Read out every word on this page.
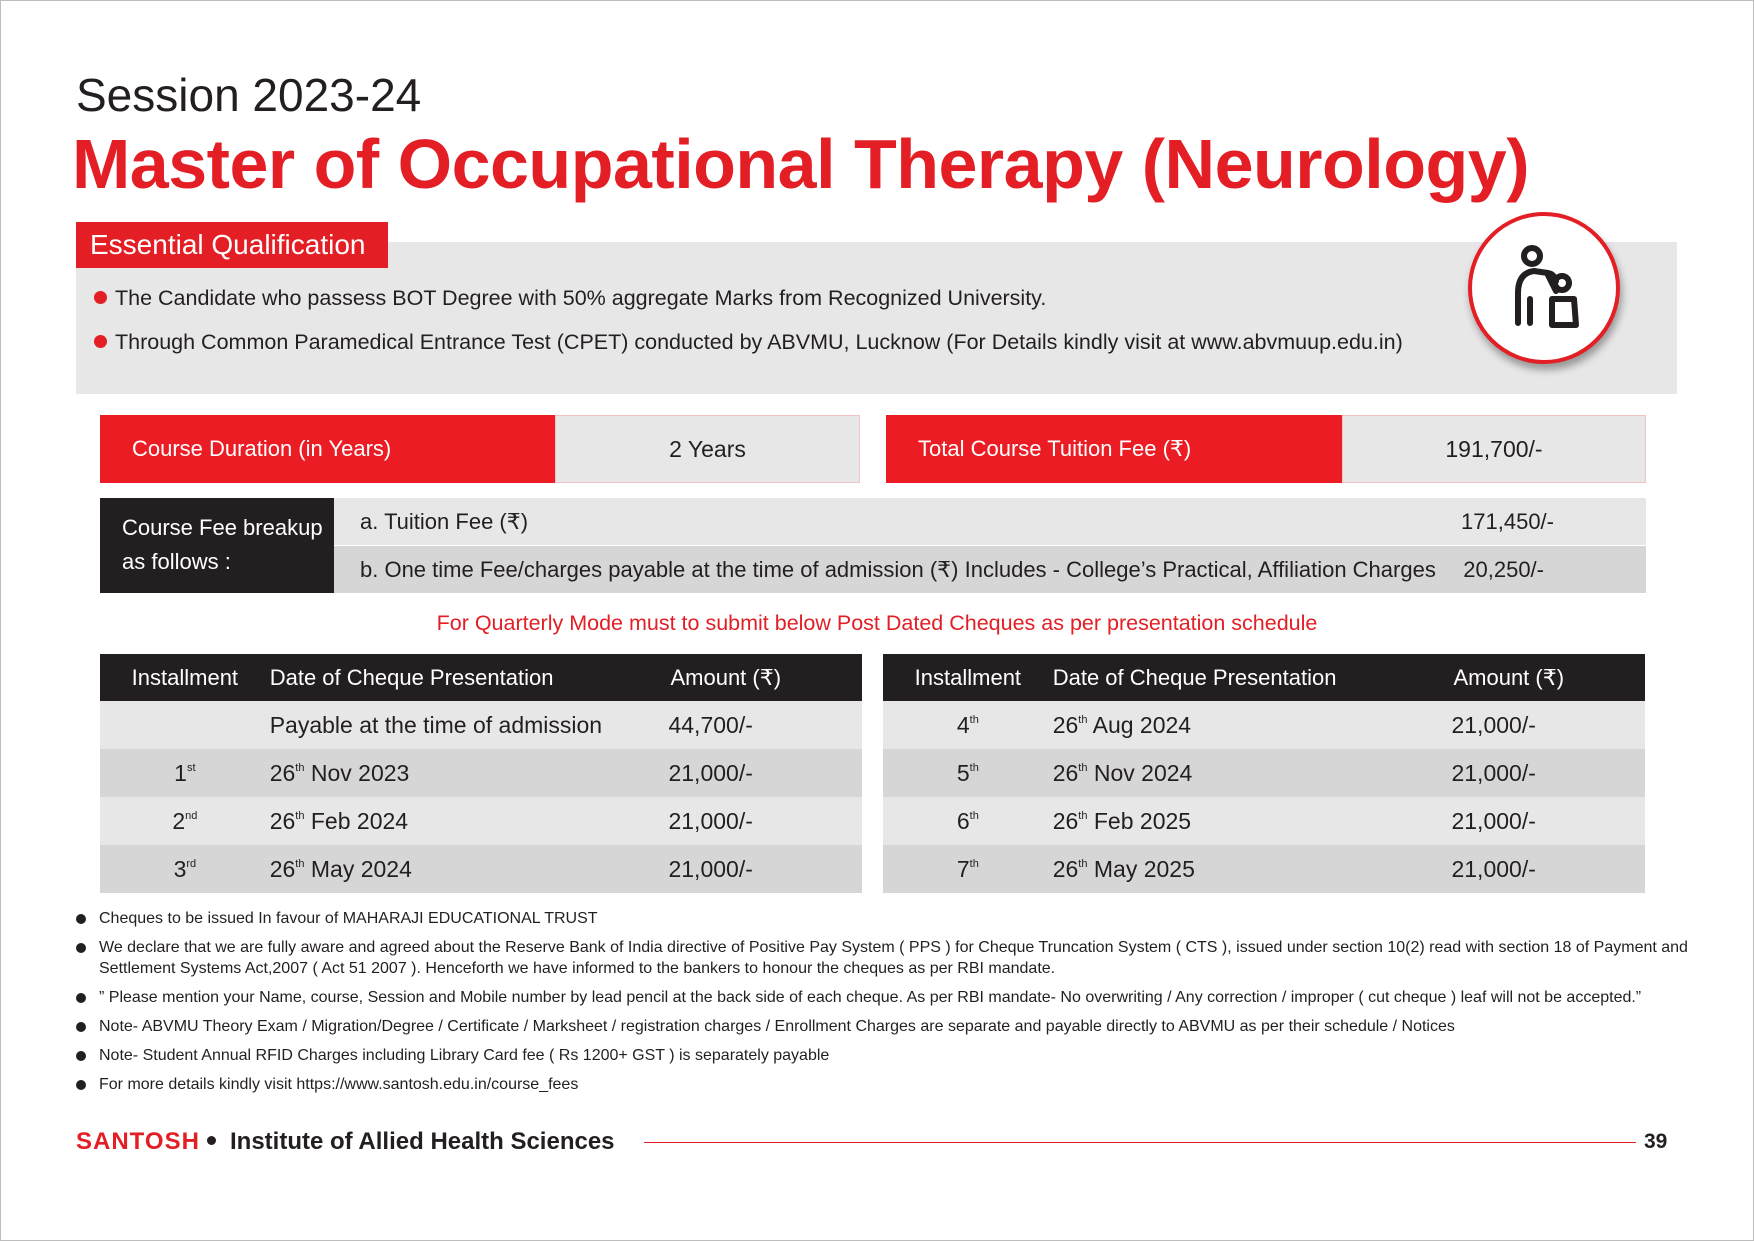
Session 2023-24
Master of Occupational Therapy (Neurology)
Essential Qualification
The Candidate who passess BOT Degree with 50% aggregate Marks from Recognized University.
Through Common Paramedical Entrance Test (CPET) conducted by ABVMU, Lucknow (For Details kindly visit at www.abvmuup.edu.in)
Course Duration (in Years)	2 Years	Total Course Tuition Fee (₹)	191,700/-
Course Fee breakup
as follows :
a. Tuition Fee (₹)	171,450/-
b. One time Fee/charges payable at the time of admission (₹) Includes - College’s Practical, Affiliation Charges 20,250/-
For Quarterly Mode must to submit below Post Dated Cheques as per presentation schedule
Installment	Date of Cheque Presentation	Amount (₹)
	Payable at the time of admission	44,700/-
1st	26th Nov 2023	21,000/-
2nd	26th Feb 2024	21,000/-
3rd	26th May 2024	21,000/-
Installment	Date of Cheque Presentation	Amount (₹)
4th	26th Aug 2024	21,000/-
5th	26th Nov 2024	21,000/-
6th	26th Feb 2025	21,000/-
7th	26th May 2025	21,000/-
Cheques to be issued In favour of MAHARAJI EDUCATIONAL TRUST
We declare that we are fully aware and agreed about the Reserve Bank of India directive of Positive Pay System ( PPS ) for Cheque Truncation System ( CTS ), issued under section 10(2) read with section 18 of Payment and Settlement Systems Act,2007 ( Act 51 2007 ). Henceforth we have informed to the bankers to honour the cheques as per RBI mandate.
” Please mention your Name, course, Session and Mobile number by lead pencil at the back side of each cheque. As per RBI mandate- No overwriting / Any correction / improper ( cut cheque ) leaf will not be accepted.”
Note- ABVMU Theory Exam / Migration/Degree / Certificate / Marksheet / registration charges / Enrollment Charges are separate and payable directly to ABVMU as per their schedule / Notices
Note- Student Annual RFID Charges including Library Card fee ( Rs 1200+ GST ) is separately payable
For more details kindly visit https://www.santosh.edu.in/course_fees
SANTOSH Institute of Allied Health Sciences	39
